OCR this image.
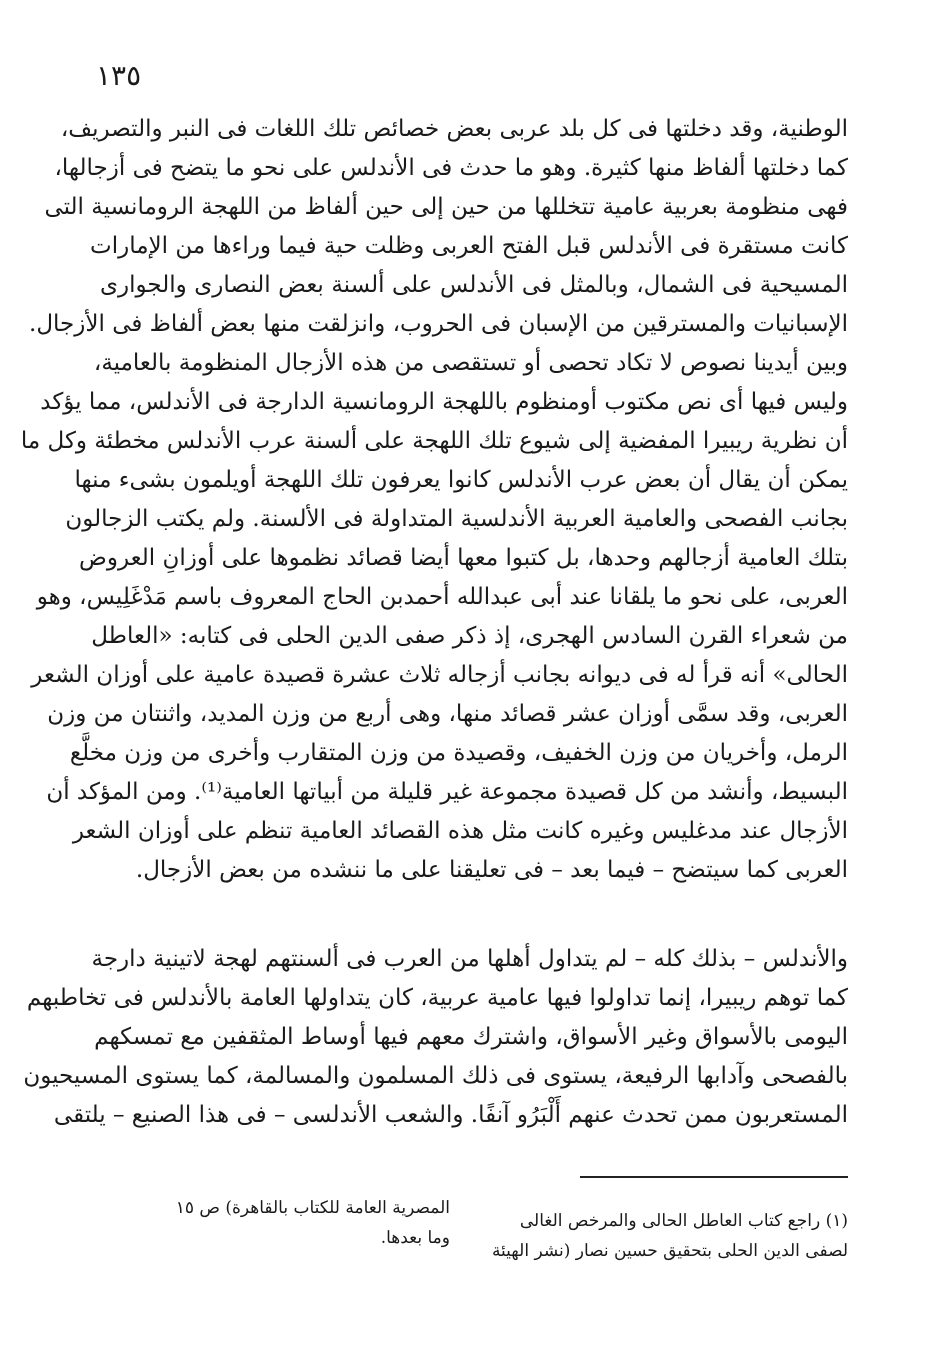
١٣٥
الوطنية، وقد دخلتها فى كل بلد عربى بعض خصائص تلك اللغات فى النبر والتصريف،
كما دخلتها ألفاظ منها كثيرة. وهو ما حدث فى الأندلس على نحو ما يتضح فى أزجالها،
فهى منظومة بعربية عامية تتخللها من حين إلى حين ألفاظ من اللهجة الرومانسية التى
كانت مستقرة فى الأندلس قبل الفتح العربى وظلت حية فيما وراءها من الإمارات
المسيحية فى الشمال، وبالمثل فى الأندلس على ألسنة بعض النصارى والجوارى
الإسبانيات والمسترقين من الإسبان فى الحروب، وانزلقت منها بعض ألفاظ فى الأزجال.
وبين أيدينا نصوص لا تكاد تحصى أو تستقصى من هذه الأزجال المنظومة بالعامية،
وليس فيها أى نص مكتوب أومنظوم باللهجة الرومانسية الدارجة فى الأندلس، مما يؤكد
أن نظرية ريبيرا المفضية إلى شيوع تلك اللهجة على ألسنة عرب الأندلس مخطئة وكل ما
يمكن أن يقال أن بعض عرب الأندلس كانوا يعرفون تلك اللهجة أويلمون بشىء منها
بجانب الفصحى والعامية العربية الأندلسية المتداولة فى الألسنة. ولم يكتب الزجالون
بتلك العامية أزجالهم وحدها، بل كتبوا معها أيضا قصائد نظموها على أوزانِ العروض
العربى، على نحو ما يلقانا عند أبى عبدالله أحمدبن الحاج المعروف باسم مَدْغَلِيس، وهو
من شعراء القرن السادس الهجرى، إذ ذكر صفى الدين الحلى فى كتابه: «العاطل
الحالى» أنه قرأ له فى ديوانه بجانب أزجاله ثلاث عشرة قصيدة عامية على أوزان الشعر
العربى، وقد سمَّى أوزان عشر قصائد منها، وهى أربع من وزن المديد، واثنتان من وزن
الرمل، وأخريان من وزن الخفيف، وقصيدة من وزن المتقارب وأخرى من وزن مخلَّع
البسيط، وأنشد من كل قصيدة مجموعة غير قليلة من أبياتها العامية⁽¹⁾. ومن المؤكد أن
الأزجال عند مدغليس وغيره كانت مثل هذه القصائد العامية تنظم على أوزان الشعر
العربى كما سيتضح – فيما بعد – فى تعليقنا على ما ننشده من بعض الأزجال.
والأندلس – بذلك كله – لم يتداول أهلها من العرب فى ألسنتهم لهجة لاتينية دارجة
كما توهم ريبيرا، إنما تداولوا فيها عامية عربية، كان يتداولها العامة بالأندلس فى تخاطبهم
اليومى بالأسواق وغير الأسواق، واشترك معهم فيها أوساط المثقفين مع تمسكهم
بالفصحى وآدابها الرفيعة، يستوى فى ذلك المسلمون والمسالمة، كما يستوى المسيحيون
المستعربون ممن تحدث عنهم أَلْبَرُو آنفًا. والشعب الأندلسى – فى هذا الصنيع – يلتقى
(١) راجع كتاب العاطل الحالى والمرخص الغالى
لصفى الدين الحلى بتحقيق حسين نصار (نشر الهيئة
المصرية العامة للكتاب بالقاهرة) ص ١٥
وما بعدها.
